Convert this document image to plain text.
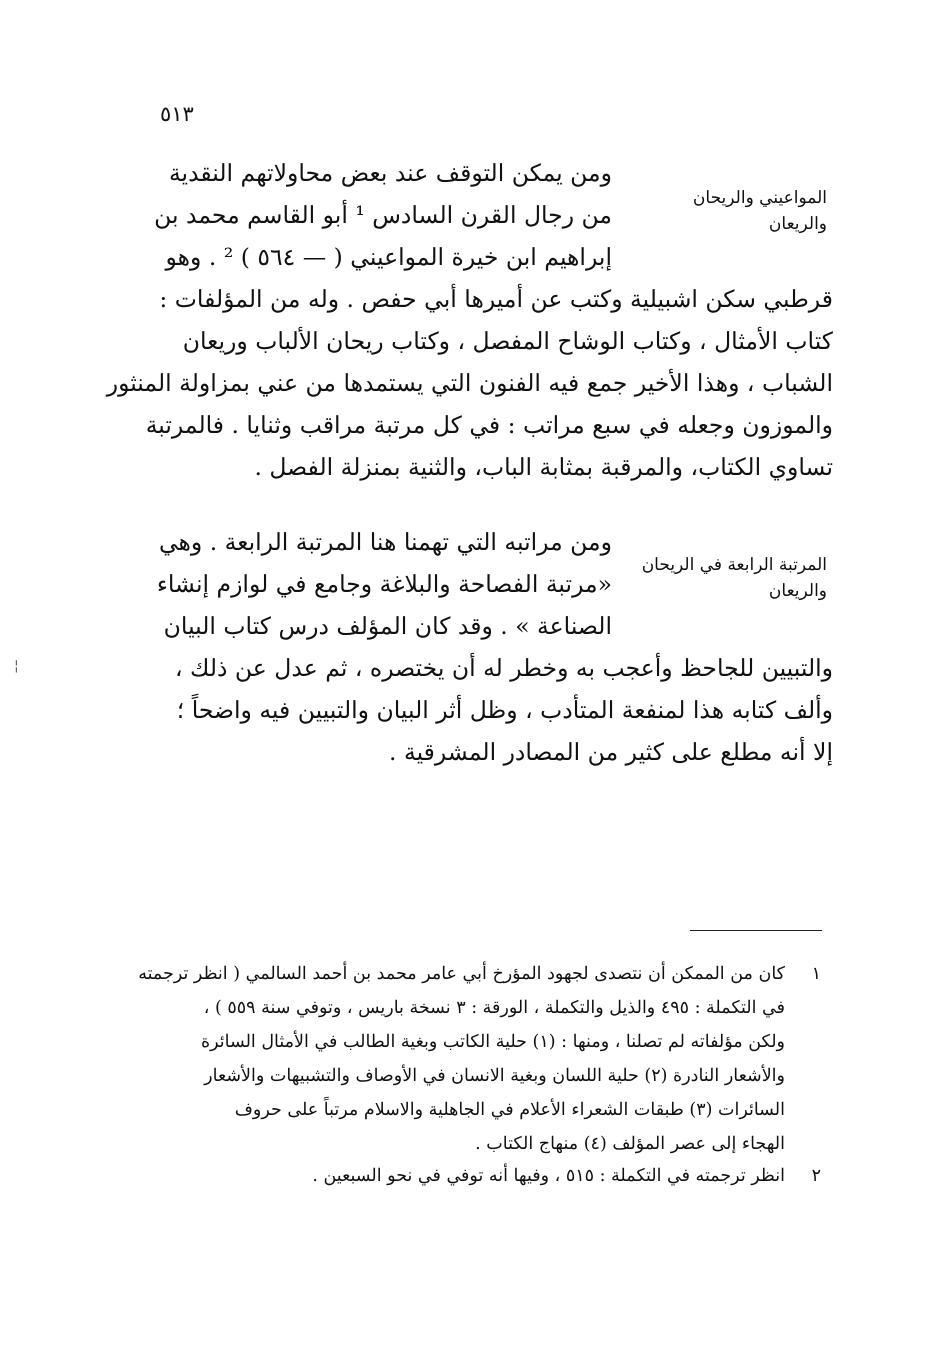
٥١٣
المواعيني والريحان
والريعان
ومن يمكن التوقف عند بعض محاولاتهم النقدية
من رجال القرن السادس ¹ أبو القاسم محمد بن
إبراهيم ابن خيرة المواعيني ( — ٥٦٤ ) ² . وهو
قرطبي سكن اشبيلية وكتب عن أميرها أبي حفص . وله من المؤلفات :
كتاب الأمثال ، وكتاب الوشاح المفصل ، وكتاب ريحان الألباب وريعان
الشباب ، وهذا الأخير جمع فيه الفنون التي يستمدها من عني بمزاولة المنثور
والموزون وجعله في سبع مراتب : في كل مرتبة مراقب وثنايا . فالمرتبة
تساوي الكتاب، والمرقبة بمثابة الباب، والثنية بمنزلة الفصل .
المرتبة الرابعة في الريحان
والريعان
ومن مراتبه التي تهمنا هنا المرتبة الرابعة . وهي
«مرتبة الفصاحة والبلاغة وجامع في لوازم إنشاء
الصناعة » . وقد كان المؤلف درس كتاب البيان
والتبيين للجاحظ وأعجب به وخطر له أن يختصره ، ثم عدل عن ذلك ،
وألف كتابه هذا لمنفعة المتأدب ، وظل أثر البيان والتبيين فيه واضحاً ؛
إلا أنه مطلع على كثير من المصادر المشرقية .
¦
١
كان من الممكن أن نتصدى لجهود المؤرخ أبي عامر محمد بن أحمد السالمي ( انظر ترجمته
في التكملة : ٤٩٥ والذيل والتكملة ، الورقة : ٣ نسخة باريس ، وتوفي سنة ٥٥٩ ) ،
ولكن مؤلفاته لم تصلنا ، ومنها : (١) حلية الكاتب وبغية الطالب في الأمثال السائرة
والأشعار النادرة (٢) حلية اللسان وبغية الانسان في الأوصاف والتشبيهات والأشعار
السائرات (٣) طبقات الشعراء الأعلام في الجاهلية والاسلام مرتباً على حروف
الهجاء إلى عصر المؤلف (٤) منهاج الكتاب .
٢
انظر ترجمته في التكملة : ٥١٥ ، وفيها أنه توفي في نحو السبعين .
